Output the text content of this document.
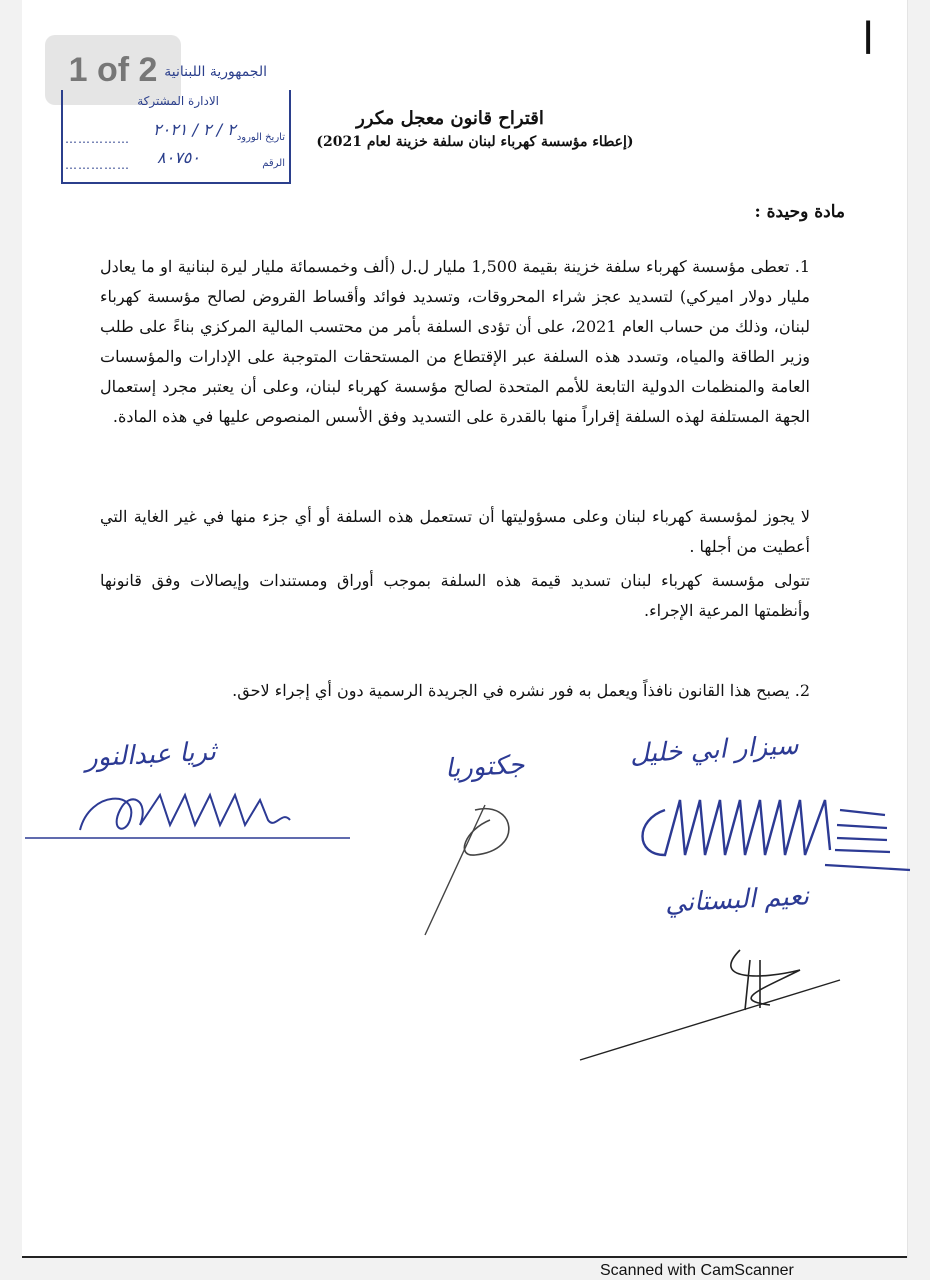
1 of 2
ا
الجمهورية اللبنانية
الادارة المشتركة
تاريخ الورود
الرقم
……………
……………
٢ / ٢ / ٢٠٢١
٨٠٧٥٠
اقتراح قانون معجل مكرر
(إعطاء مؤسسة كهرباء لبنان سلفة خزينة لعام 2021)
مادة وحيدة :
1. تعطى مؤسسة كهرباء سلفة خزينة بقيمة 1,500 مليار ل.ل (ألف وخمسمائة مليار ليرة لبنانية او ما يعادل مليار دولار اميركي) لتسديد عجز شراء المحروقات، وتسديد فوائد وأقساط القروض لصالح مؤسسة كهرباء لبنان، وذلك من حساب العام 2021، على أن تؤدى السلفة بأمر من محتسب المالية المركزي بناءً على طلب وزير الطاقة والمياه، وتسدد هذه السلفة عبر الإقتطاع من المستحقات المتوجبة على الإدارات والمؤسسات العامة والمنظمات الدولية التابعة للأمم المتحدة لصالح مؤسسة كهرباء لبنان، وعلى أن يعتبر مجرد إستعمال الجهة المستلفة لهذه السلفة إقراراً منها بالقدرة على التسديد وفق الأسس المنصوص عليها في هذه المادة.
لا يجوز لمؤسسة كهرباء لبنان وعلى مسؤوليتها أن تستعمل هذه السلفة أو أي جزء منها في غير الغاية التي أعطيت من أجلها .
تتولى مؤسسة كهرباء لبنان تسديد قيمة هذه السلفة بموجب أوراق ومستندات وإيصالات وفق قانونها وأنظمتها المرعية الإجراء.
2. يصبح هذا القانون نافذاً ويعمل به فور نشره في الجريدة الرسمية دون أي إجراء لاحق.
ثريا عبدالنور	جكتوريا	سيزار ابي خليل
نعيم البستاني
Scanned with CamScanner
